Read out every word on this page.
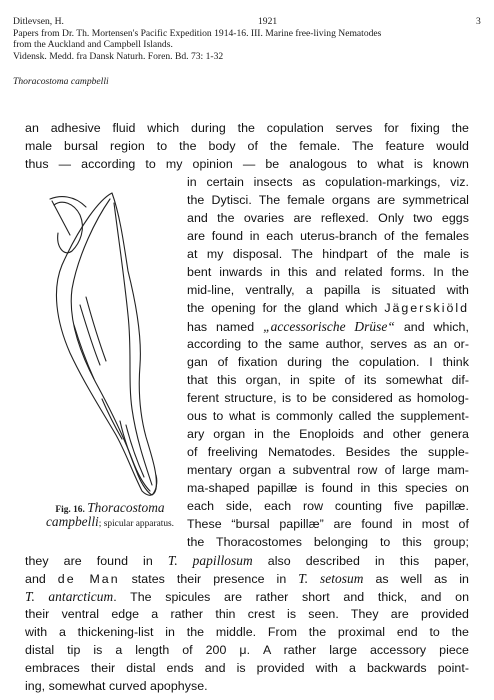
Ditlevsen, H.	1921	3
Papers from Dr. Th. Mortensen's Pacific Expedition 1914-16. III. Marine free-living Nematodes
from the Auckland and Campbell Islands.
Vidensk. Medd. fra Dansk Naturh. Foren. Bd. 73: 1-32
Thoracostoma campbelli
an adhesive fluid which during the copulation serves for fixing the
male bursal region to the body of the female. The feature would
thus — according to my opinion — be analogous to what is known
in certain insects as copulation-markings, viz.
the Dytisci. The female organs are symmetrical
and the ovaries are reflexed. Only two eggs
are found in each uterus-branch of the females
at my disposal. The hindpart of the male is
bent inwards in this and related forms. In the
mid-line, ventrally, a papilla is situated with
the opening for the gland which Jägerskiöld
has named „accessorische Drüse“ and which,
according to the same author, serves as an or-
gan of fixation during the copulation. I think
that this organ, in spite of its somewhat dif-
ferent structure, is to be considered as homolog-
ous to what is commonly called the supplement-
ary organ in the Enoploids and other genera
of freeliving Nematodes. Besides the supple-
mentary organ a subventral row of large mam-
ma-shaped papillæ is found in this species on
each side, each row counting five papillæ.
These “bursal papillæ” are found in most of
the Thoracostomes belonging to this group;
they are found in T. papillosum also described in this paper,
and de Man states their presence in T. setosum as well as in
T. antarcticum. The spicules are rather short and thick, and on
their ventral edge a rather thin crest is seen. They are provided
with a thickening-list in the middle. From the proximal end to the
distal tip is a length of 200 μ. A rather large accessory piece
embraces their distal ends and is provided with a backwards point-
ing, somewhat curved apophyse.
Fig. 16. Thoracostoma campbelli; spicular apparatus.
